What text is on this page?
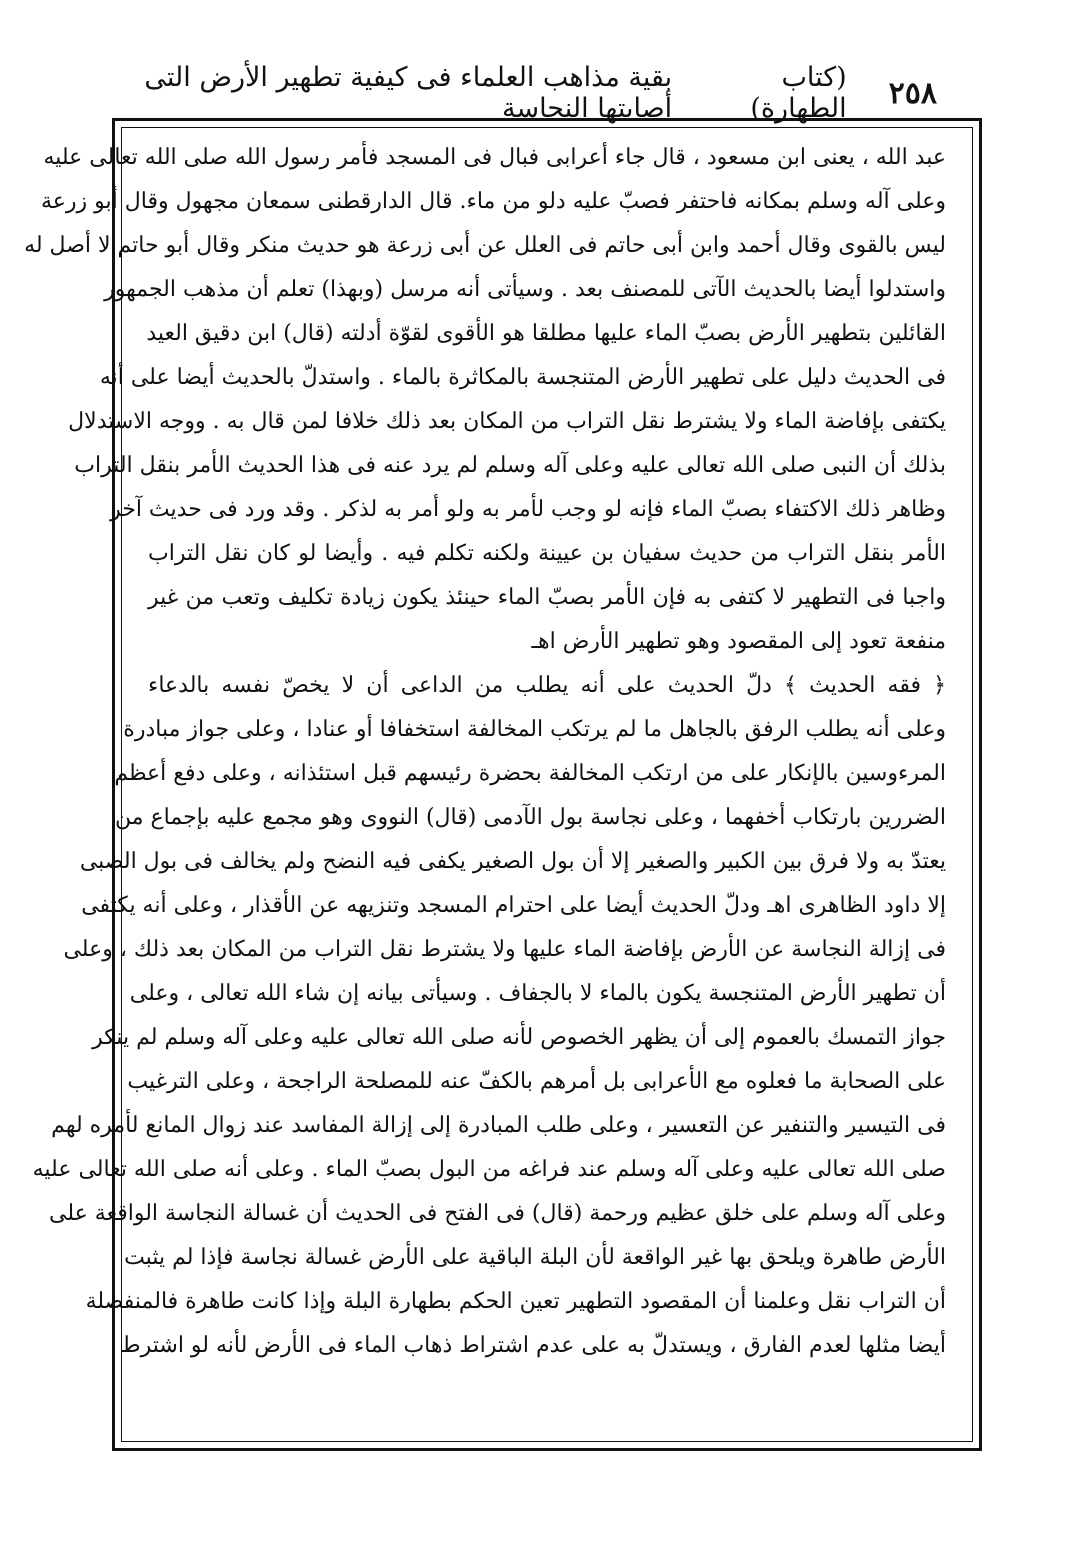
٢٥٨
(كتاب الطهارة)
بقية مذاهب العلماء فى كيفية تطهير الأرض التى أصابتها النجاسة
عبد الله ، يعنى ابن مسعود ، قال جاء أعرابى فبال فى المسجد فأمر رسول الله صلى الله تعالى عليه
وعلى آله وسلم بمكانه فاحتفر فصبّ عليه دلو من ماء. قال الدارقطنى سمعان مجهول وقال أبو زرعة
ليس بالقوى وقال أحمد وابن أبى حاتم فى العلل عن أبى زرعة هو حديث منكر وقال أبو حاتم لا أصل له
واستدلوا أيضا بالحديث الآتى للمصنف بعد . وسيأتى أنه مرسل (وبهذا) تعلم أن مذهب الجمهور
القائلين بتطهير الأرض بصبّ الماء عليها مطلقا هو الأقوى لقوّة أدلته (قال) ابن دقيق العيد
فى الحديث دليل على تطهير الأرض المتنجسة بالمكاثرة بالماء . واستدلّ بالحديث أيضا على أنه
يكتفى بإفاضة الماء ولا يشترط نقل التراب من المكان بعد ذلك خلافا لمن قال به . ووجه الاستدلال
بذلك أن النبى صلى الله تعالى عليه وعلى آله وسلم لم يرد عنه فى هذا الحديث الأمر بنقل التراب
وظاهر ذلك الاكتفاء بصبّ الماء فإنه لو وجب لأمر به ولو أمر به لذكر . وقد ورد فى حديث آخر
الأمر بنقل التراب من حديث سفيان بن عيينة ولكنه تكلم فيه . وأيضا لو كان نقل التراب
واجبا فى التطهير لا كتفى به فإن الأمر بصبّ الماء حينئذ يكون زيادة تكليف وتعب من غير
منفعة تعود إلى المقصود وهو تطهير الأرض اهـ
﴿ فقه الحديث ﴾ دلّ الحديث على أنه يطلب من الداعى أن لا يخصّ نفسه بالدعاء
وعلى أنه يطلب الرفق بالجاهل ما لم يرتكب المخالفة استخفافا أو عنادا ، وعلى جواز مبادرة
المرءوسين بالإنكار على من ارتكب المخالفة بحضرة رئيسهم قبل استئذانه ، وعلى دفع أعظم
الضررين بارتكاب أخفهما ، وعلى نجاسة بول الآدمى (قال) النووى وهو مجمع عليه بإجماع من
يعتدّ به ولا فرق بين الكبير والصغير إلا أن بول الصغير يكفى فيه النضح ولم يخالف فى بول الصبى
إلا داود الظاهرى اهـ ودلّ الحديث أيضا على احترام المسجد وتنزيهه عن الأقذار ، وعلى أنه يكتفى
فى إزالة النجاسة عن الأرض بإفاضة الماء عليها ولا يشترط نقل التراب من المكان بعد ذلك ، وعلى
أن تطهير الأرض المتنجسة يكون بالماء لا بالجفاف . وسيأتى بيانه إن شاء الله تعالى ، وعلى
جواز التمسك بالعموم إلى أن يظهر الخصوص لأنه صلى الله تعالى عليه وعلى آله وسلم لم ينكر
على الصحابة ما فعلوه مع الأعرابى بل أمرهم بالكفّ عنه للمصلحة الراجحة ، وعلى الترغيب
فى التيسير والتنفير عن التعسير ، وعلى طلب المبادرة إلى إزالة المفاسد عند زوال المانع لأمره لهم
صلى الله تعالى عليه وعلى آله وسلم عند فراغه من البول بصبّ الماء . وعلى أنه صلى الله تعالى عليه
وعلى آله وسلم على خلق عظيم ورحمة (قال) فى الفتح فى الحديث أن غسالة النجاسة الواقعة على
الأرض طاهرة ويلحق بها غير الواقعة لأن البلة الباقية على الأرض غسالة نجاسة فإذا لم يثبت
أن التراب نقل وعلمنا أن المقصود التطهير تعين الحكم بطهارة البلة وإذا كانت طاهرة فالمنفصلة
أيضا مثلها لعدم الفارق ، ويستدلّ به على عدم اشتراط ذهاب الماء فى الأرض لأنه لو اشترط
